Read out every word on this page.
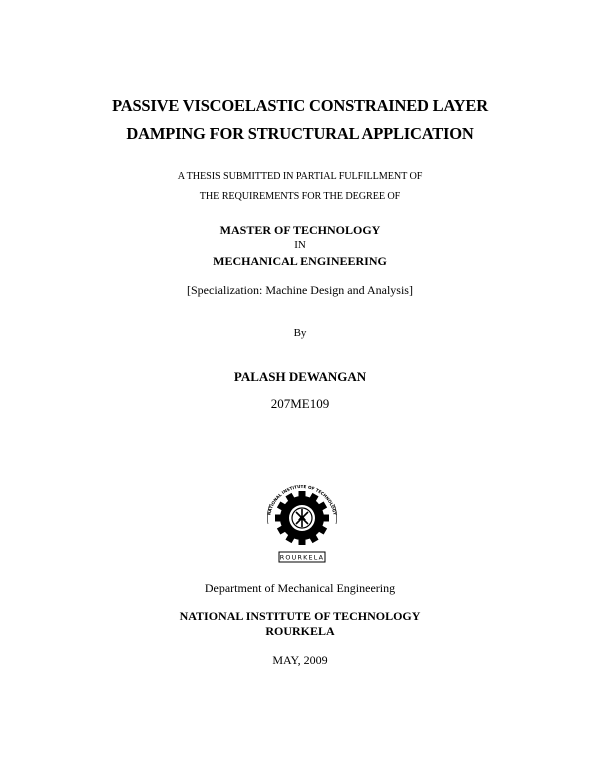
PASSIVE VISCOELASTIC CONSTRAINED LAYER
DAMPING FOR STRUCTURAL APPLICATION
A THESIS SUBMITTED IN PARTIAL FULFILLMENT OF
THE REQUIREMENTS FOR THE DEGREE OF
MASTER OF TECHNOLOGY
IN
MECHANICAL ENGINEERING
[Specialization: Machine Design and Analysis]
By
PALASH DEWANGAN
207ME109
NATIONAL INSTITUTE OF TECHNOLOGY
ROURKELA
Department of Mechanical Engineering
NATIONAL INSTITUTE OF TECHNOLOGY
ROURKELA
MAY, 2009
